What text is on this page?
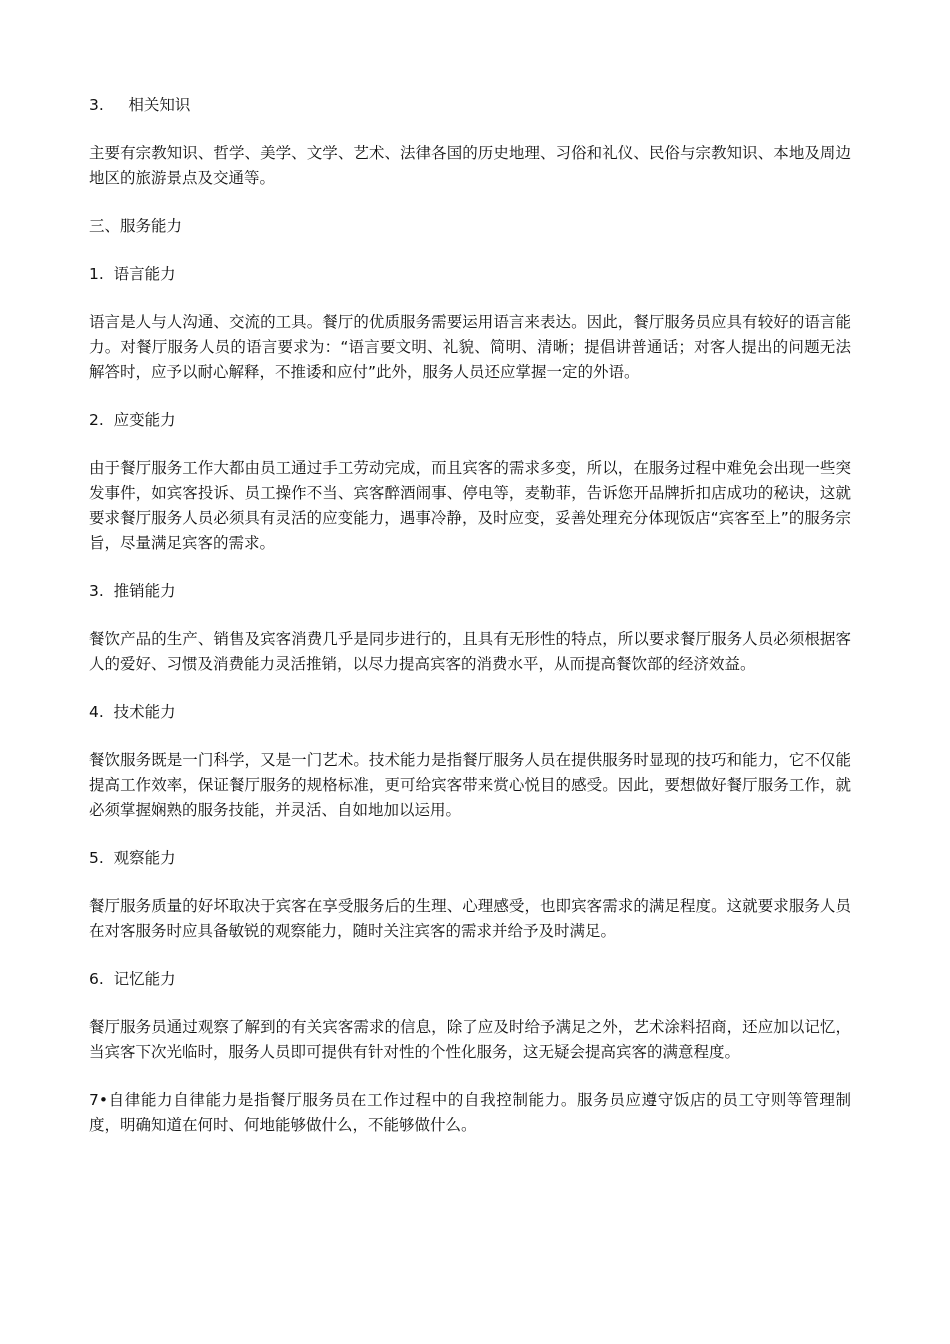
3.     相关知识
主要有宗教知识、哲学、美学、文学、艺术、法律各国的历史地理、习俗和礼仪、民俗与宗教知识、本地及周边地区的旅游景点及交通等。
三、服务能力
1.  语言能力
语言是人与人沟通、交流的工具。餐厅的优质服务需要运用语言来表达。因此，餐厅服务员应具有较好的语言能力。对餐厅服务人员的语言要求为：“语言要文明、礼貌、简明、清晰；提倡讲普通话；对客人提出的问题无法解答时，应予以耐心解释，不推诿和应付”此外，服务人员还应掌握一定的外语。
2.  应变能力
由于餐厅服务工作大都由员工通过手工劳动完成，而且宾客的需求多变，所以，在服务过程中难免会出现一些突发事件，如宾客投诉、员工操作不当、宾客醉酒闹事、停电等，麦勒菲，告诉您开品牌折扣店成功的秘诀，这就要求餐厅服务人员必须具有灵活的应变能力，遇事冷静，及时应变，妥善处理充分体现饭店“宾客至上”的服务宗旨，尽量满足宾客的需求。
3.  推销能力
餐饮产品的生产、销售及宾客消费几乎是同步进行的，且具有无形性的特点，所以要求餐厅服务人员必须根据客人的爱好、习惯及消费能力灵活推销，以尽力提高宾客的消费水平，从而提高餐饮部的经济效益。
4.  技术能力
餐饮服务既是一门科学，又是一门艺术。技术能力是指餐厅服务人员在提供服务时显现的技巧和能力，它不仅能提高工作效率，保证餐厅服务的规格标准，更可给宾客带来赏心悦目的感受。因此，要想做好餐厅服务工作，就必须掌握娴熟的服务技能，并灵活、自如地加以运用。
5.  观察能力
餐厅服务质量的好坏取决于宾客在享受服务后的生理、心理感受，也即宾客需求的满足程度。这就要求服务人员在对客服务时应具备敏锐的观察能力，随时关注宾客的需求并给予及时满足。
6.  记忆能力
餐厅服务员通过观察了解到的有关宾客需求的信息，除了应及时给予满足之外，艺术涂料招商，还应加以记忆，当宾客下次光临时，服务人员即可提供有针对性的个性化服务，这无疑会提高宾客的满意程度。
7•自律能力自律能力是指餐厅服务员在工作过程中的自我控制能力。服务员应遵守饭店的员工守则等管理制度，明确知道在何时、何地能够做什么，不能够做什么。
